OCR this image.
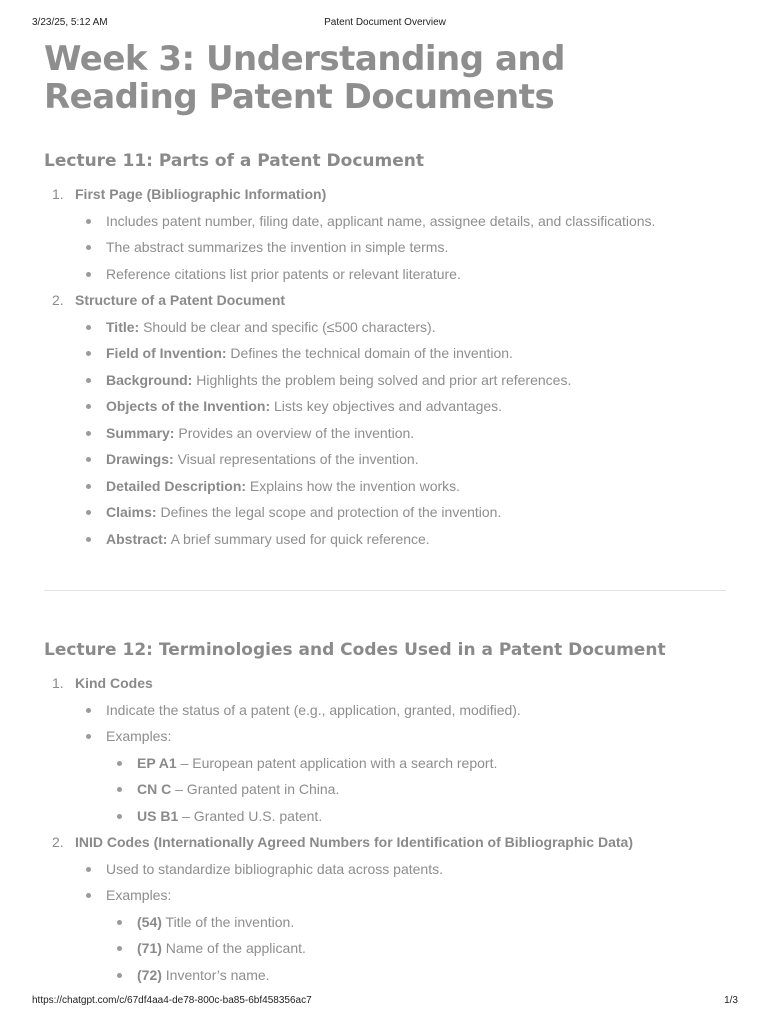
3/23/25, 5:12 AM	Patent Document Overview
Week 3: Understanding and Reading Patent Documents
Lecture 11: Parts of a Patent Document
1. First Page (Bibliographic Information)
Includes patent number, filing date, applicant name, assignee details, and classifications.
The abstract summarizes the invention in simple terms.
Reference citations list prior patents or relevant literature.
2. Structure of a Patent Document
Title: Should be clear and specific (≤500 characters).
Field of Invention: Defines the technical domain of the invention.
Background: Highlights the problem being solved and prior art references.
Objects of the Invention: Lists key objectives and advantages.
Summary: Provides an overview of the invention.
Drawings: Visual representations of the invention.
Detailed Description: Explains how the invention works.
Claims: Defines the legal scope and protection of the invention.
Abstract: A brief summary used for quick reference.
Lecture 12: Terminologies and Codes Used in a Patent Document
1. Kind Codes
Indicate the status of a patent (e.g., application, granted, modified).
Examples:
EP A1 – European patent application with a search report.
CN C – Granted patent in China.
US B1 – Granted U.S. patent.
2. INID Codes (Internationally Agreed Numbers for Identification of Bibliographic Data)
Used to standardize bibliographic data across patents.
Examples:
(54) Title of the invention.
(71) Name of the applicant.
(72) Inventor’s name.
https://chatgpt.com/c/67df4aa4-de78-800c-ba85-6bf458356ac7	1/3
